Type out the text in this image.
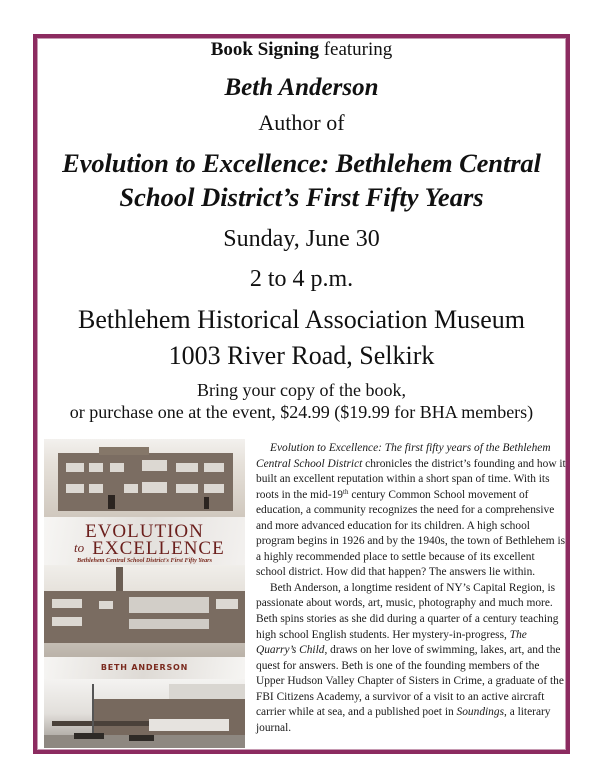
Book Signing featuring
Beth Anderson
Author of
Evolution to Excellence: Bethlehem Central
School District’s First Fifty Years
Sunday, June 30
2 to 4 p.m.
Bethlehem Historical Association Museum
1003 River Road, Selkirk
Bring your copy of the book,
or purchase one at the event, $24.99 ($19.99 for BHA members)
EVOLUTION
to EXCELLENCE
Bethlehem Central School District's First Fifty Years
BETH ANDERSON

Evolution to Excellence: The first fifty years of the Bethlehem Central School District chronicles the district’s founding and how it built an excellent reputation within a short span of time. With its roots in the mid-19th century Common School movement of education, a community recognizes the need for a comprehensive and more advanced education for its children. A high school program begins in 1926 and by the 1940s, the town of Bethlehem is a highly recommended place to settle because of its excellent school district. How did that happen? The answers lie within.

Beth Anderson, a longtime resident of NY’s Capital Region, is passionate about words, art, music, photography and much more. Beth spins stories as she did during a quarter of a century teaching high school English students. Her mystery-in-progress, The Quarry’s Child, draws on her love of swimming, lakes, art, and the quest for answers. Beth is one of the founding members of the Upper Hudson Valley Chapter of Sisters in Crime, a graduate of the FBI Citizens Academy, a survivor of a visit to an active aircraft carrier while at sea, and a published poet in Soundings, a literary journal.
